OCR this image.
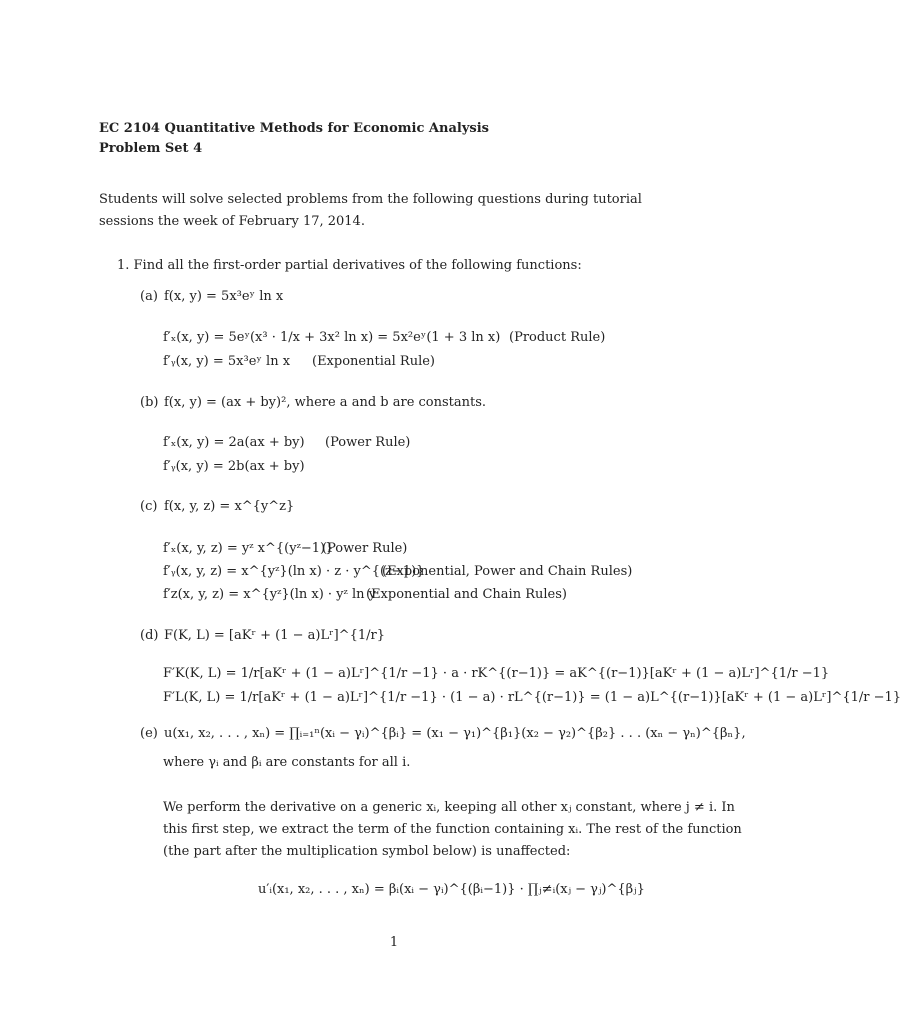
EC 2104 Quantitative Methods for Economic Analysis
Problem Set 4
Students will solve selected problems from the following questions during tutorial sessions the week of February 17, 2014.
1. Find all the first-order partial derivatives of the following functions:
(a) f(x, y) = 5x³eʸ ln x
f′ₓ(x, y) = 5eʸ(x³ · 1/x + 3x² ln x) = 5x²eʸ(1 + 3 ln x) (Product Rule)
f′ᵧ(x, y) = 5x³eʸ ln x (Exponential Rule)
(b) f(x, y) = (ax + by)², where a and b are constants.
f′ₓ(x, y) = 2a(ax + by) (Power Rule)
f′ᵧ(x, y) = 2b(ax + by)
(c) f(x, y, z) = x^{y^z}
f′ₓ(x, y, z) = yᶻ x^{(yᶻ−1)}
(Power Rule)
f′ᵧ(x, y, z) = x^{yᶻ}(ln x) · z · y^{(z−1)}
(Exponential, Power and Chain Rules)
f′z(x, y, z) = x^{yᶻ}(ln x) · yᶻ ln y
(Exponential and Chain Rules)
(d) F(K, L) = [aKʳ + (1 − a)Lʳ]^{1/r}
F′K(K, L) = 1/r[aKʳ + (1 − a)Lʳ]^{1/r −1} · a · rK^{(r−1)} = aK^{(r−1)}[aKʳ + (1 − a)Lʳ]^{1/r −1}
F′L(K, L) = 1/r[aKʳ + (1 − a)Lʳ]^{1/r −1} · (1 − a) · rL^{(r−1)} = (1 − a)L^{(r−1)}[aKʳ + (1 − a)Lʳ]^{1/r −1}
(e) u(x₁, x₂, . . . , xₙ) = ∏ᵢ₌₁ⁿ(xᵢ − γᵢ)^{βᵢ} = (x₁ − γ₁)^{β₁}(x₂ − γ₂)^{β₂} . . . (xₙ − γₙ)^{βₙ},
where γᵢ and βᵢ are constants for all i.
We perform the derivative on a generic xᵢ, keeping all other xⱼ constant, where j ≠ i. In this first step, we extract the term of the function containing xᵢ. The rest of the function (the part after the multiplication symbol below) is unaffected:
u′ᵢ(x₁, x₂, . . . , xₙ) = βᵢ(xᵢ − γᵢ)^{(βᵢ−1)} · ∏ⱼ≠ᵢ(xⱼ − γⱼ)^{βⱼ}
1
